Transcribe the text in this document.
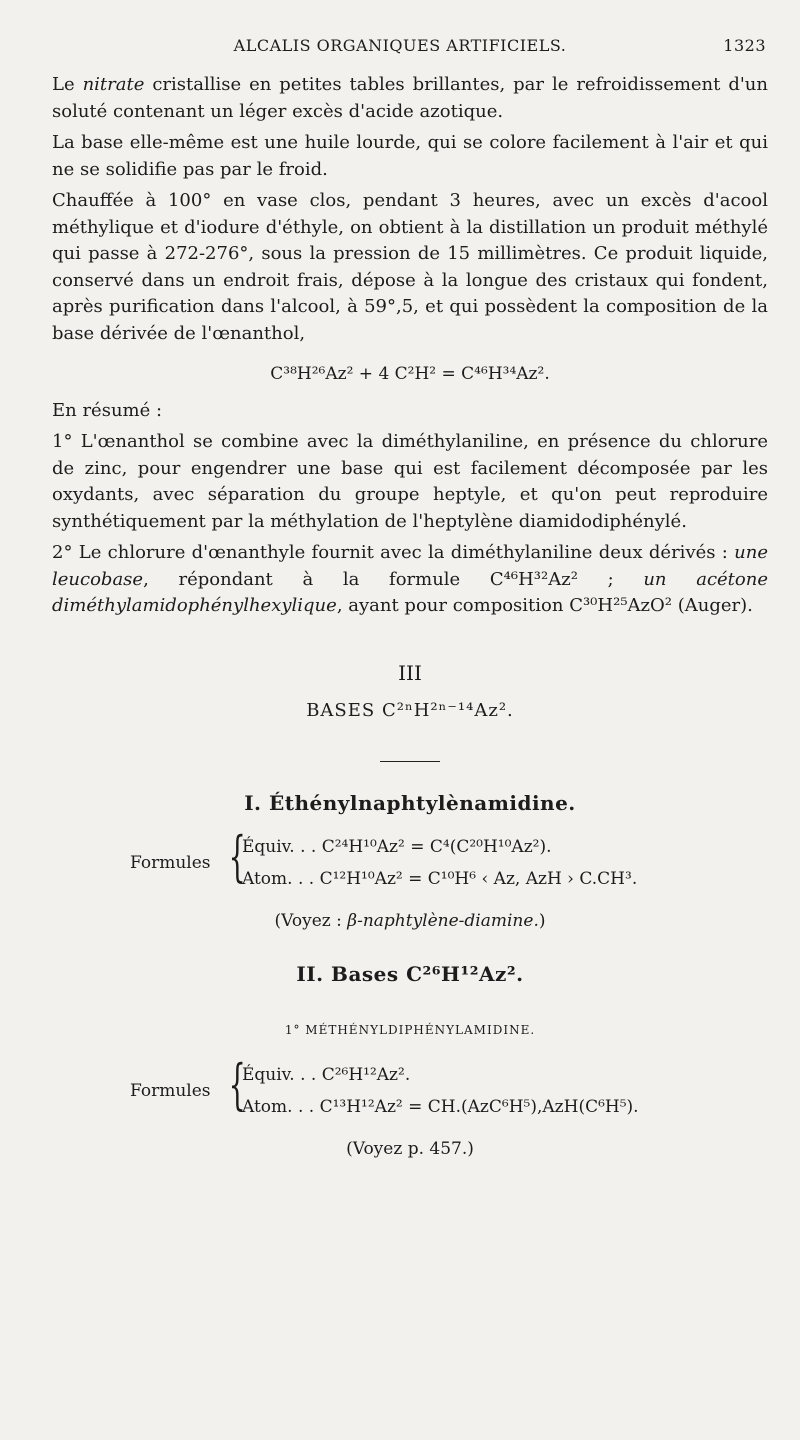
ALCALIS ORGANIQUES ARTIFICIELS.	1323

Le nitrate cristallise en petites tables brillantes, par le refroidissement d'un soluté contenant un léger excès d'acide azotique.

La base elle-même est une huile lourde, qui se colore facilement à l'air et qui ne se solidifie pas par le froid.

Chauffée à 100° en vase clos, pendant 3 heures, avec un excès d'acool méthylique et d'iodure d'éthyle, on obtient à la distillation un produit méthylé qui passe à 272-276°, sous la pression de 15 millimètres. Ce produit liquide, conservé dans un endroit frais, dépose à la longue des cristaux qui fondent, après purification dans l'alcool, à 59°,5, et qui possèdent la composition de la base dérivée de l'œnanthol,

C³⁸H²⁶Az² + 4 C²H² = C⁴⁶H³⁴Az².

En résumé :

1° L'œnanthol se combine avec la diméthylaniline, en présence du chlorure de zinc, pour engendrer une base qui est facilement décomposée par les oxydants, avec séparation du groupe heptyle, et qu'on peut reproduire synthétiquement par la méthylation de l'heptylène diamidodiphénylé.

2° Le chlorure d'œnanthyle fournit avec la diméthylaniline deux dérivés : une leucobase, répondant à la formule C⁴⁶H³²Az² ; un acétone diméthylamidophénylhexylique, ayant pour composition C³⁰H²⁵AzO² (Auger).

III
BASES C²ⁿH²ⁿ⁻¹⁴Az².
I. Éthénylnaphtylènamidine.
Formules {
Équiv. . . C²⁴H¹⁰Az² = C⁴(C²⁰H¹⁰Az²).
Atom. . . C¹²H¹⁰Az² = C¹⁰H⁶ ‹ Az, AzH › C.CH³.
(Voyez : β-naphtylène-diamine.)
II. Bases C²⁶H¹²Az².
1° MÉTHÉNYLDIPHÉNYLAMIDINE.
Formules {
Équiv. . . C²⁶H¹²Az².
Atom. . . C¹³H¹²Az² = CH.(AzC⁶H⁵),AzH(C⁶H⁵).
(Voyez p. 457.)
